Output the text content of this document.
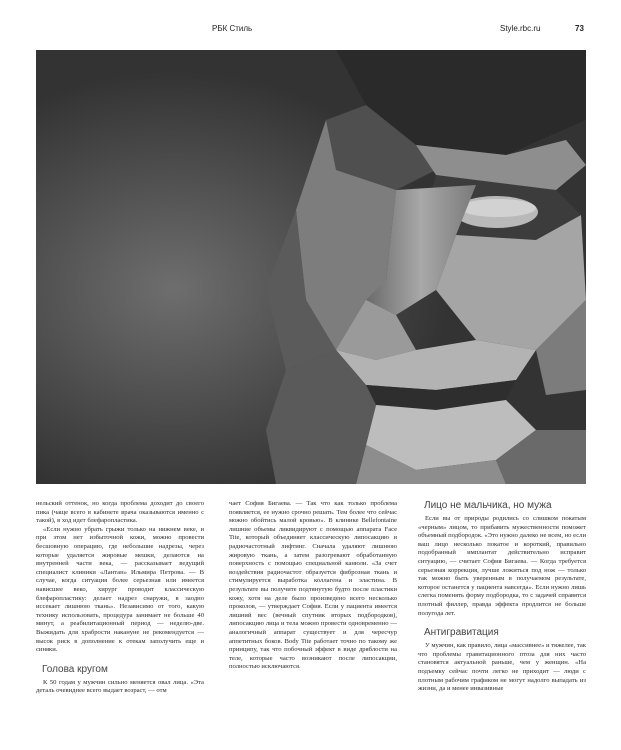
РБК Стиль	Style.rbc.ru	73

нельский оттенок, но когда проблема доходит до своего пика (чаще всего в кабинете врача оказываются именно с такой), в ход идет блефаропластика.

«Если нужно убрать грыжи только на нижнем веке, и при этом нет избыточной кожи, можно провести бесшовную операцию, где небольшие надрезы, через которые удаляется жировые мешки, делаются на внутренней части века, — рассказывает ведущий специалист клиники «Лантан» Ильмира Петрова. — В случае, когда ситуация более серьезная или имеется нависшее веко, хирург проводит классическую блефаропластику: делает надрез снаружи, в заодно иссекает лишнюю ткань». Независимо от того, какую технику использовать, процедура занимает не больше 40 минут, а реабилитационный период — неделю-две. Выжидать для храбрости накануне не рекомендуется — высок риск в дополнение к отекам заполучить еще и синяки.

Голова кругом

К 50 годам у мужчин сильно меняется овал лица. «Эта деталь очевиднее всего выдает возраст, — отм

чает София Бигаева. — Так что как только проблема появляется, ее нужно срочно решать. Тем более что сейчас можно обойтись малой кровью». В клинике Bellefontaine лишние объемы ликвидируют с помощью аппарата Face Tite, который объединяет классическую липосакцию и радиочастотный лифтинг. Сначала удаляют лишнюю жировую ткань, а затем разогревают обработанную поверхность с помощью специальной канюли. «За счет воздействия радиочастот образуется фиброзная ткань и стимулируется выработка коллагена и эластина. В результате вы получите подтянутую будто после пластики кожу, хотя на деле было произведено всего несколько проколов, — утверждает София. Если у пациента имеется лишний вес (вечный спутник вторых подбородков), липосакцию лица и тела можно провести одновременно — аналогичный аппарат существует и для чересчур аппетитных боков. Body Tite работает точно по такому же принципу, так что побочный эффект в виде дряблости на теле, которые часто возникают после липосакции, полностью исключаются.

Лицо не мальчика, но мужа

Если вы от природы родились со слишком покатым «черным» лицом, то прибавить мужественности поможет объемный подбородок. «Это нужно далеко не всем, но если ваш лицо несколько покатое и короткий, правильно подобранный имплантат действительно исправит ситуацию, — считает София Бигаева. — Когда требуется серьезная коррекция, лучше ложиться под нож — только так можно быть уверенным в получаемом результате, которое останется у пациента навсегда». Если нужно лишь слегка поменять форму подбородка, то с задачей справятся плотный филлер, правда эффекта продлится не больше полугода лет.

Антигравитация

У мужчин, как правило, лица «массивнее» и тяжелее, так что проблемы гравитационного птоза для них часто становятся актуальной раньше, чем у женщин. «На подъемку сейчас почти легко не приходит — люди с плотным рабочим графиком не могут надолго выпадать из жизни, да и менее инвазивные
